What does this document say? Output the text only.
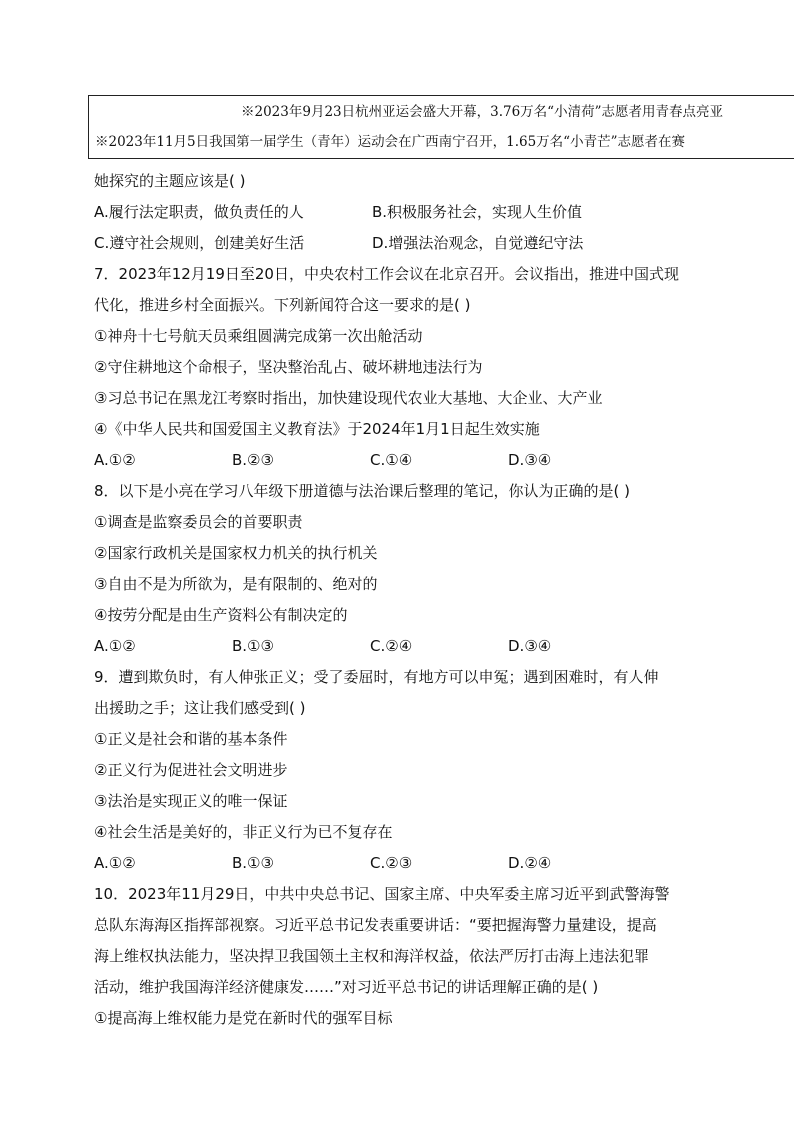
※2023年9月23日杭州亚运会盛大开幕，3.76万名“小清荷”志愿者用青春点亮亚
※2023年11月5日我国第一届学生（青年）运动会在广西南宁召开，1.65万名“小青芒”志愿者在赛
她探究的主题应该是( )
A.履行法定职责，做负责任的人	B.积极服务社会，实现人生价值
C.遵守社会规则，创建美好生活	D.增强法治观念，自觉遵纪守法
7．2023年12月19日至20日，中央农村工作会议在北京召开。会议指出，推进中国式现
代化，推进乡村全面振兴。下列新闻符合这一要求的是( )
①神舟十七号航天员乘组圆满完成第一次出舱活动
②守住耕地这个命根子，坚决整治乱占、破坏耕地违法行为
③习总书记在黑龙江考察时指出，加快建设现代农业大基地、大企业、大产业
④《中华人民共和国爱国主义教育法》于2024年1月1日起生效实施
A.①②	B.②③	C.①④	D.③④
8．以下是小亮在学习八年级下册道德与法治课后整理的笔记，你认为正确的是( )
①调查是监察委员会的首要职责
②国家行政机关是国家权力机关的执行机关
③自由不是为所欲为，是有限制的、绝对的
④按劳分配是由生产资料公有制决定的
A.①②	B.①③	C.②④	D.③④
9．遭到欺负时，有人伸张正义；受了委屈时，有地方可以申冤；遇到困难时，有人伸
出援助之手；这让我们感受到( )
①正义是社会和谐的基本条件
②正义行为促进社会文明进步
③法治是实现正义的唯一保证
④社会生活是美好的，非正义行为已不复存在
A.①②	B.①③	C.②③	D.②④
10．2023年11月29日，中共中央总书记、国家主席、中央军委主席习近平到武警海警
总队东海海区指挥部视察。习近平总书记发表重要讲话：“要把握海警力量建设，提高
海上维权执法能力，坚决捍卫我国领土主权和海洋权益，依法严厉打击海上违法犯罪
活动，维护我国海洋经济健康发……”对习近平总书记的讲话理解正确的是( )
①提高海上维权能力是党在新时代的强军目标
